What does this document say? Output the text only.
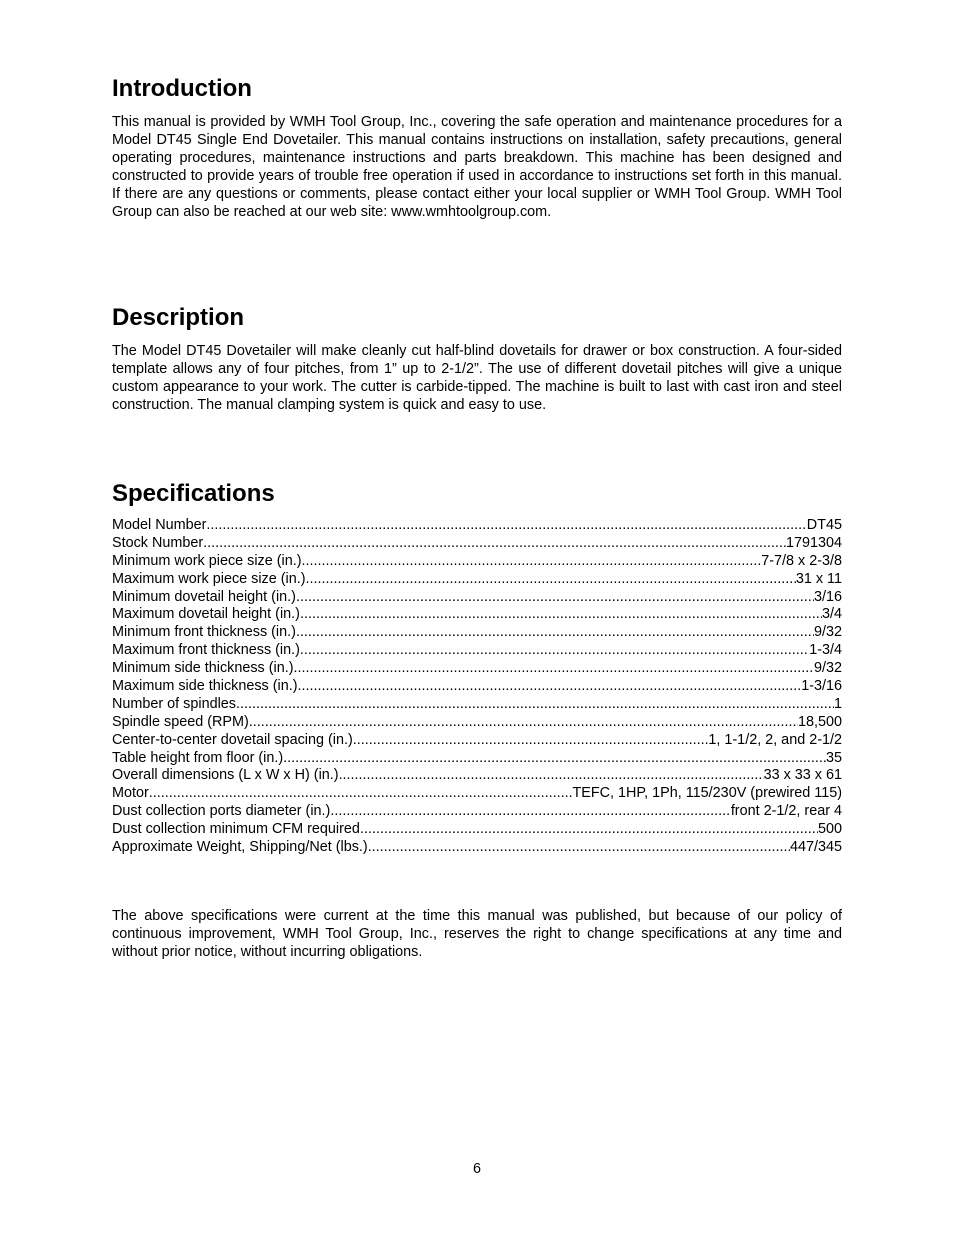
Introduction

This manual is provided by WMH Tool Group, Inc., covering the safe operation and maintenance procedures for a Model DT45 Single End Dovetailer. This manual contains instructions on installation, safety precautions, general operating procedures, maintenance instructions and parts breakdown. This machine has been designed and constructed to provide years of trouble free operation if used in accordance to instructions set forth in this manual. If there are any questions or comments, please contact either your local supplier or WMH Tool Group. WMH Tool Group can also be reached at our web site: www.wmhtoolgroup.com.

Description

The Model DT45 Dovetailer will make cleanly cut half-blind dovetails for drawer or box construction. A four-sided template allows any of four pitches, from 1” up to 2-1/2”. The use of different dovetail pitches will give a unique custom appearance to your work. The cutter is carbide-tipped. The machine is built to last with cast iron and steel construction. The manual clamping system is quick and easy to use.

Specifications
Model Number .....	DT45
Stock Number .....	1791304
Minimum work piece size (in.) .....	7-7/8 x 2-3/8
Maximum work piece size (in.) .....	31 x 11
Minimum dovetail height (in.) .....	3/16
Maximum dovetail height (in.) .....	3/4
Minimum front thickness (in.) .....	9/32
Maximum front thickness (in.) .....	1-3/4
Minimum side thickness (in.) .....	9/32
Maximum side thickness (in.) .....	1-3/16
Number of spindles .....	1
Spindle speed (RPM) .....	18,500
Center-to-center dovetail spacing (in.) .....	1, 1-1/2, 2, and 2-1/2
Table height from floor (in.) .....	35
Overall dimensions (L x W x H) (in.) .....	33 x 33 x 61
Motor .....	TEFC, 1HP, 1Ph, 115/230V (prewired 115)
Dust collection ports diameter (in.) .....	front 2-1/2, rear 4
Dust collection minimum CFM required .....	500
Approximate Weight, Shipping/Net (lbs.) .....	447/345

The above specifications were current at the time this manual was published, but because of our policy of continuous improvement, WMH Tool Group, Inc., reserves the right to change specifications at any time and without prior notice, without incurring obligations.

6
